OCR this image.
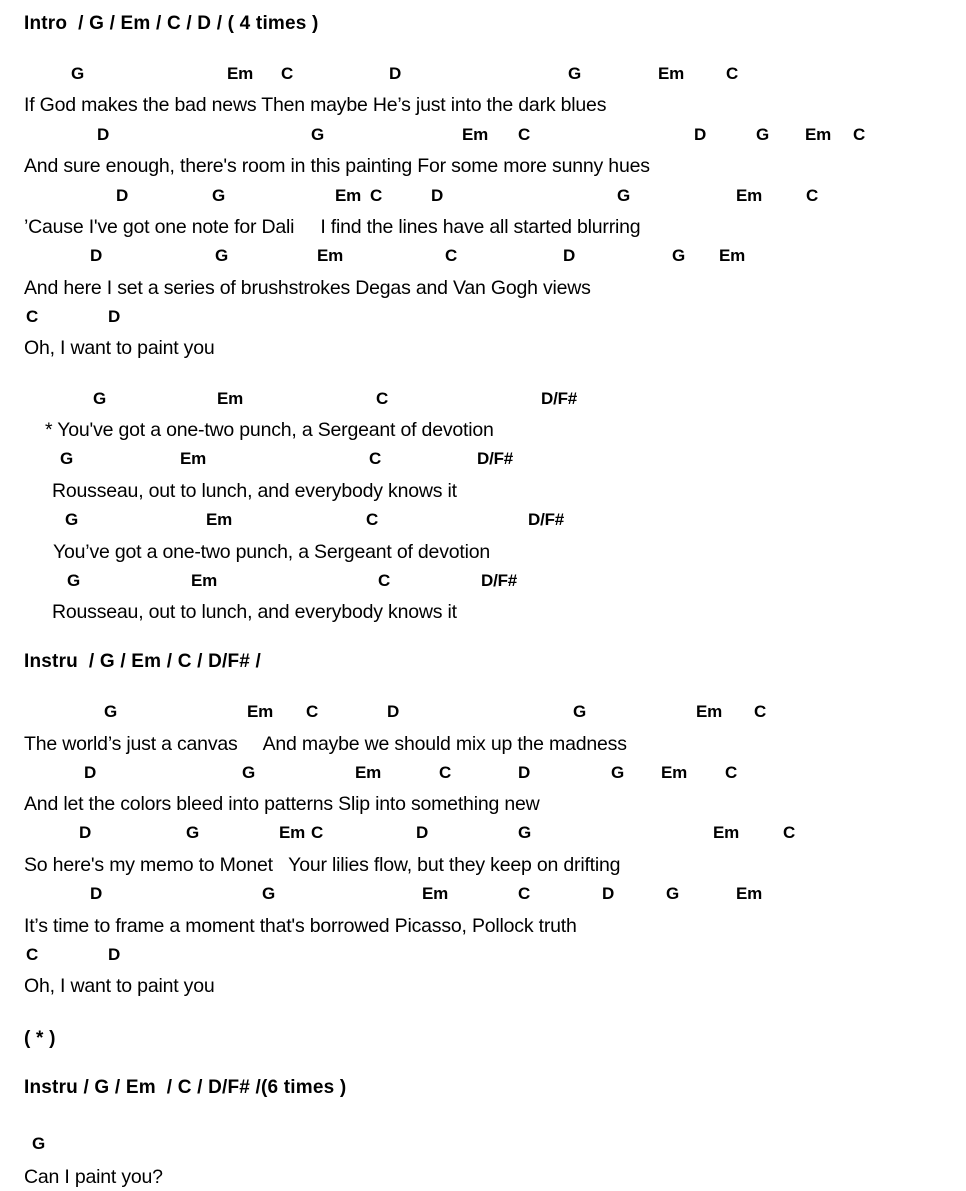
Intro  / G / Em / C / D / ( 4 times )
G	Em C	D	G	Em C
If God makes the bad news Then maybe He’s just into the dark blues
D	G	Em C	D	G Em C
And sure enough, there's room in this painting For some more sunny hues
D	G	Em C	D	G	Em	C
’Cause I've got one note for Dali     I find the lines have all started blurring
D	G	Em	C	D	G Em
And here I set a series of brushstrokes Degas and Van Gogh views
C	D
Oh, I want to paint you
G	Em	C	D/F#
* You've got a one-two punch, a Sergeant of devotion
G	Em	C	D/F#
Rousseau, out to lunch, and everybody knows it
G	Em	C	D/F#
You’ve got a one-two punch, a Sergeant of devotion
G	Em	C	D/F#
Rousseau, out to lunch, and everybody knows it
Instru  / G / Em / C / D/F# /
G	Em C	D	G	Em C
The world’s just a canvas     And maybe we should mix up the madness
D	G	Em	C	D	G Em C
And let the colors bleed into patterns Slip into something new
D	G	Em C	D	G	Em	C
So here's my memo to Monet   Your lilies flow, but they keep on drifting
D	G	Em	C	D	G	Em
It’s time to frame a moment that's borrowed Picasso, Pollock truth
C	D
Oh, I want to paint you
( * )
Instru / G / Em  / C / D/F# /(6 times )
G
Can I paint you?
